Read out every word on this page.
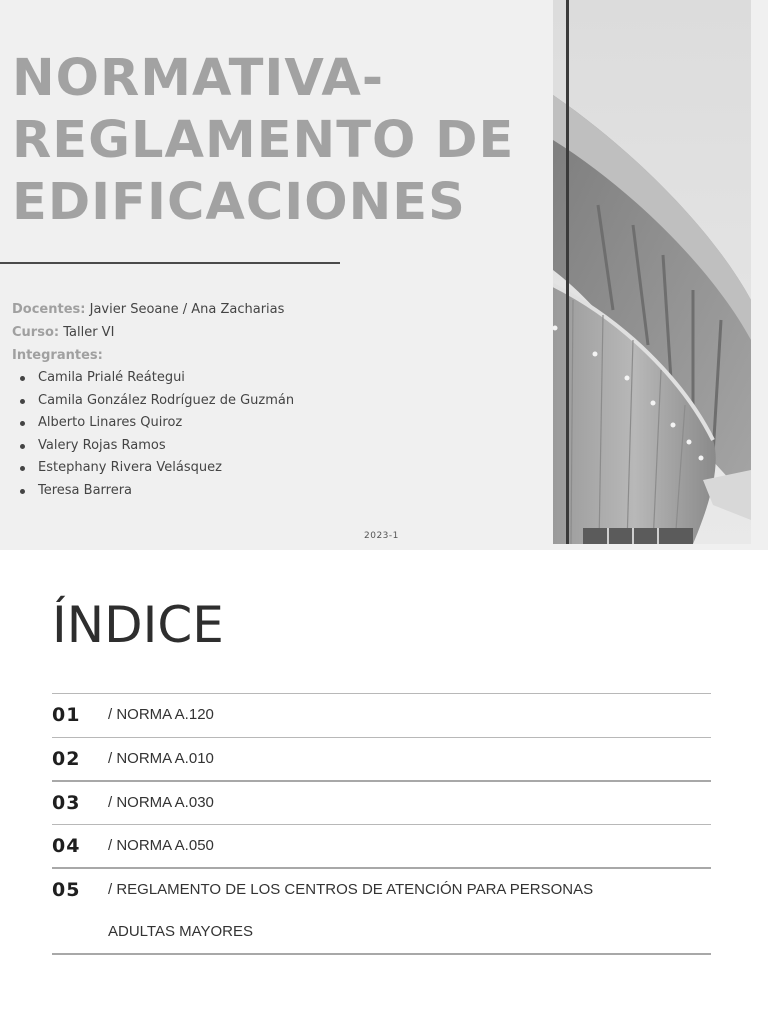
NORMATIVA-
REGLAMENTO DE
EDIFICACIONES
Docentes: Javier Seoane / Ana Zacharias
Curso: Taller VI
Integrantes:
Camila Prialé Reátegui
Camila González Rodríguez de Guzmán
Alberto Linares Quiroz
Valery Rojas Ramos
Estephany Rivera Velásquez
Teresa Barrera
2023-1
ÍNDICE
01 / NORMA A.120
02 / NORMA A.010
03 / NORMA A.030
04 / NORMA A.050
05 / REGLAMENTO DE LOS CENTROS DE ATENCIÓN PARA PERSONAS
ADULTAS MAYORES
